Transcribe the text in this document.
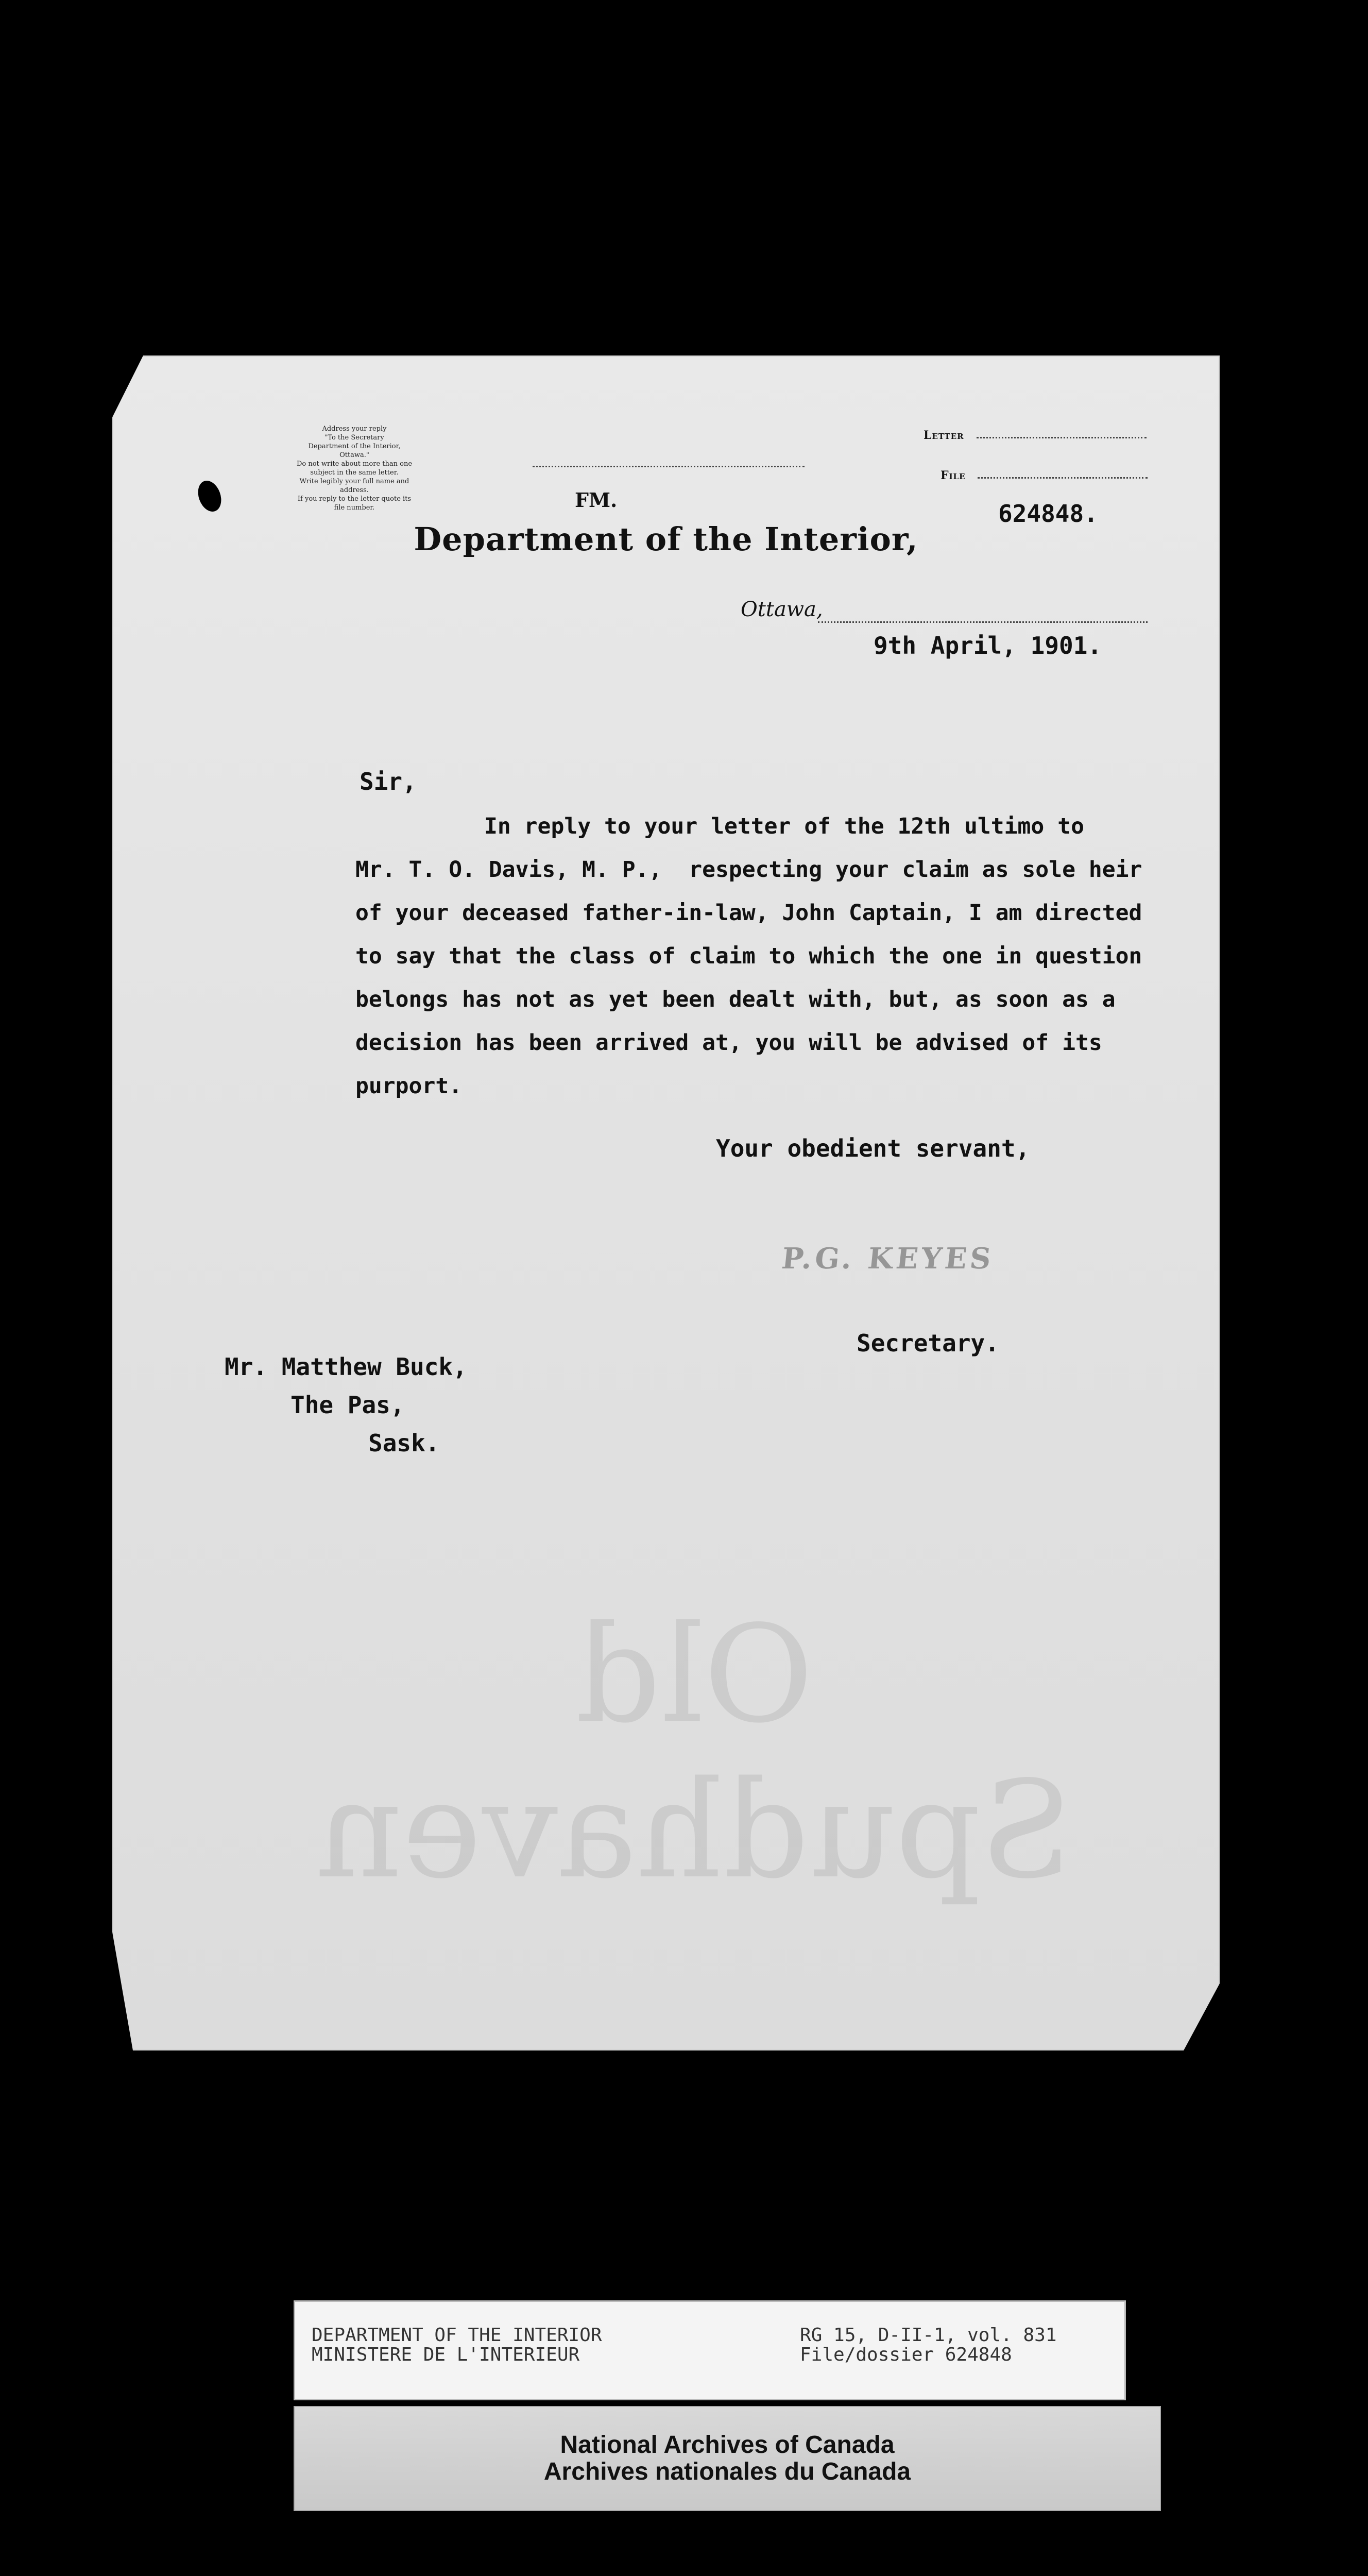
Address your reply
"To the Secretary
Department of the Interior,
Ottawa."
Do not write about more than one
subject in the same letter.
Write legibly your full name and
address.
If you reply to the letter quote its
file number.
Letter
File
FM.	624848.
Department of the Interior,
Ottawa,
9th April, 1901.
Sir,
In reply to your letter of the 12th ultimo to
Mr. T. O. Davis, M. P.,  respecting your claim as sole heir
of your deceased father-in-law, John Captain, I am directed
to say that the class of claim to which the one in question
belongs has not as yet been dealt with, but, as soon as a
decision has been arrived at, you will be advised of its
purport.
Your obedient servant,
P.G. KEYES
Secretary.
Mr. Matthew Buck,
The Pas,
Sask.
Old Spudhaven
DEPARTMENT OF THE INTERIOR
MINISTERE DE L'INTERIEUR
RG 15, D-II-1, vol. 831
File/dossier 624848
National Archives of Canada
Archives nationales du Canada
